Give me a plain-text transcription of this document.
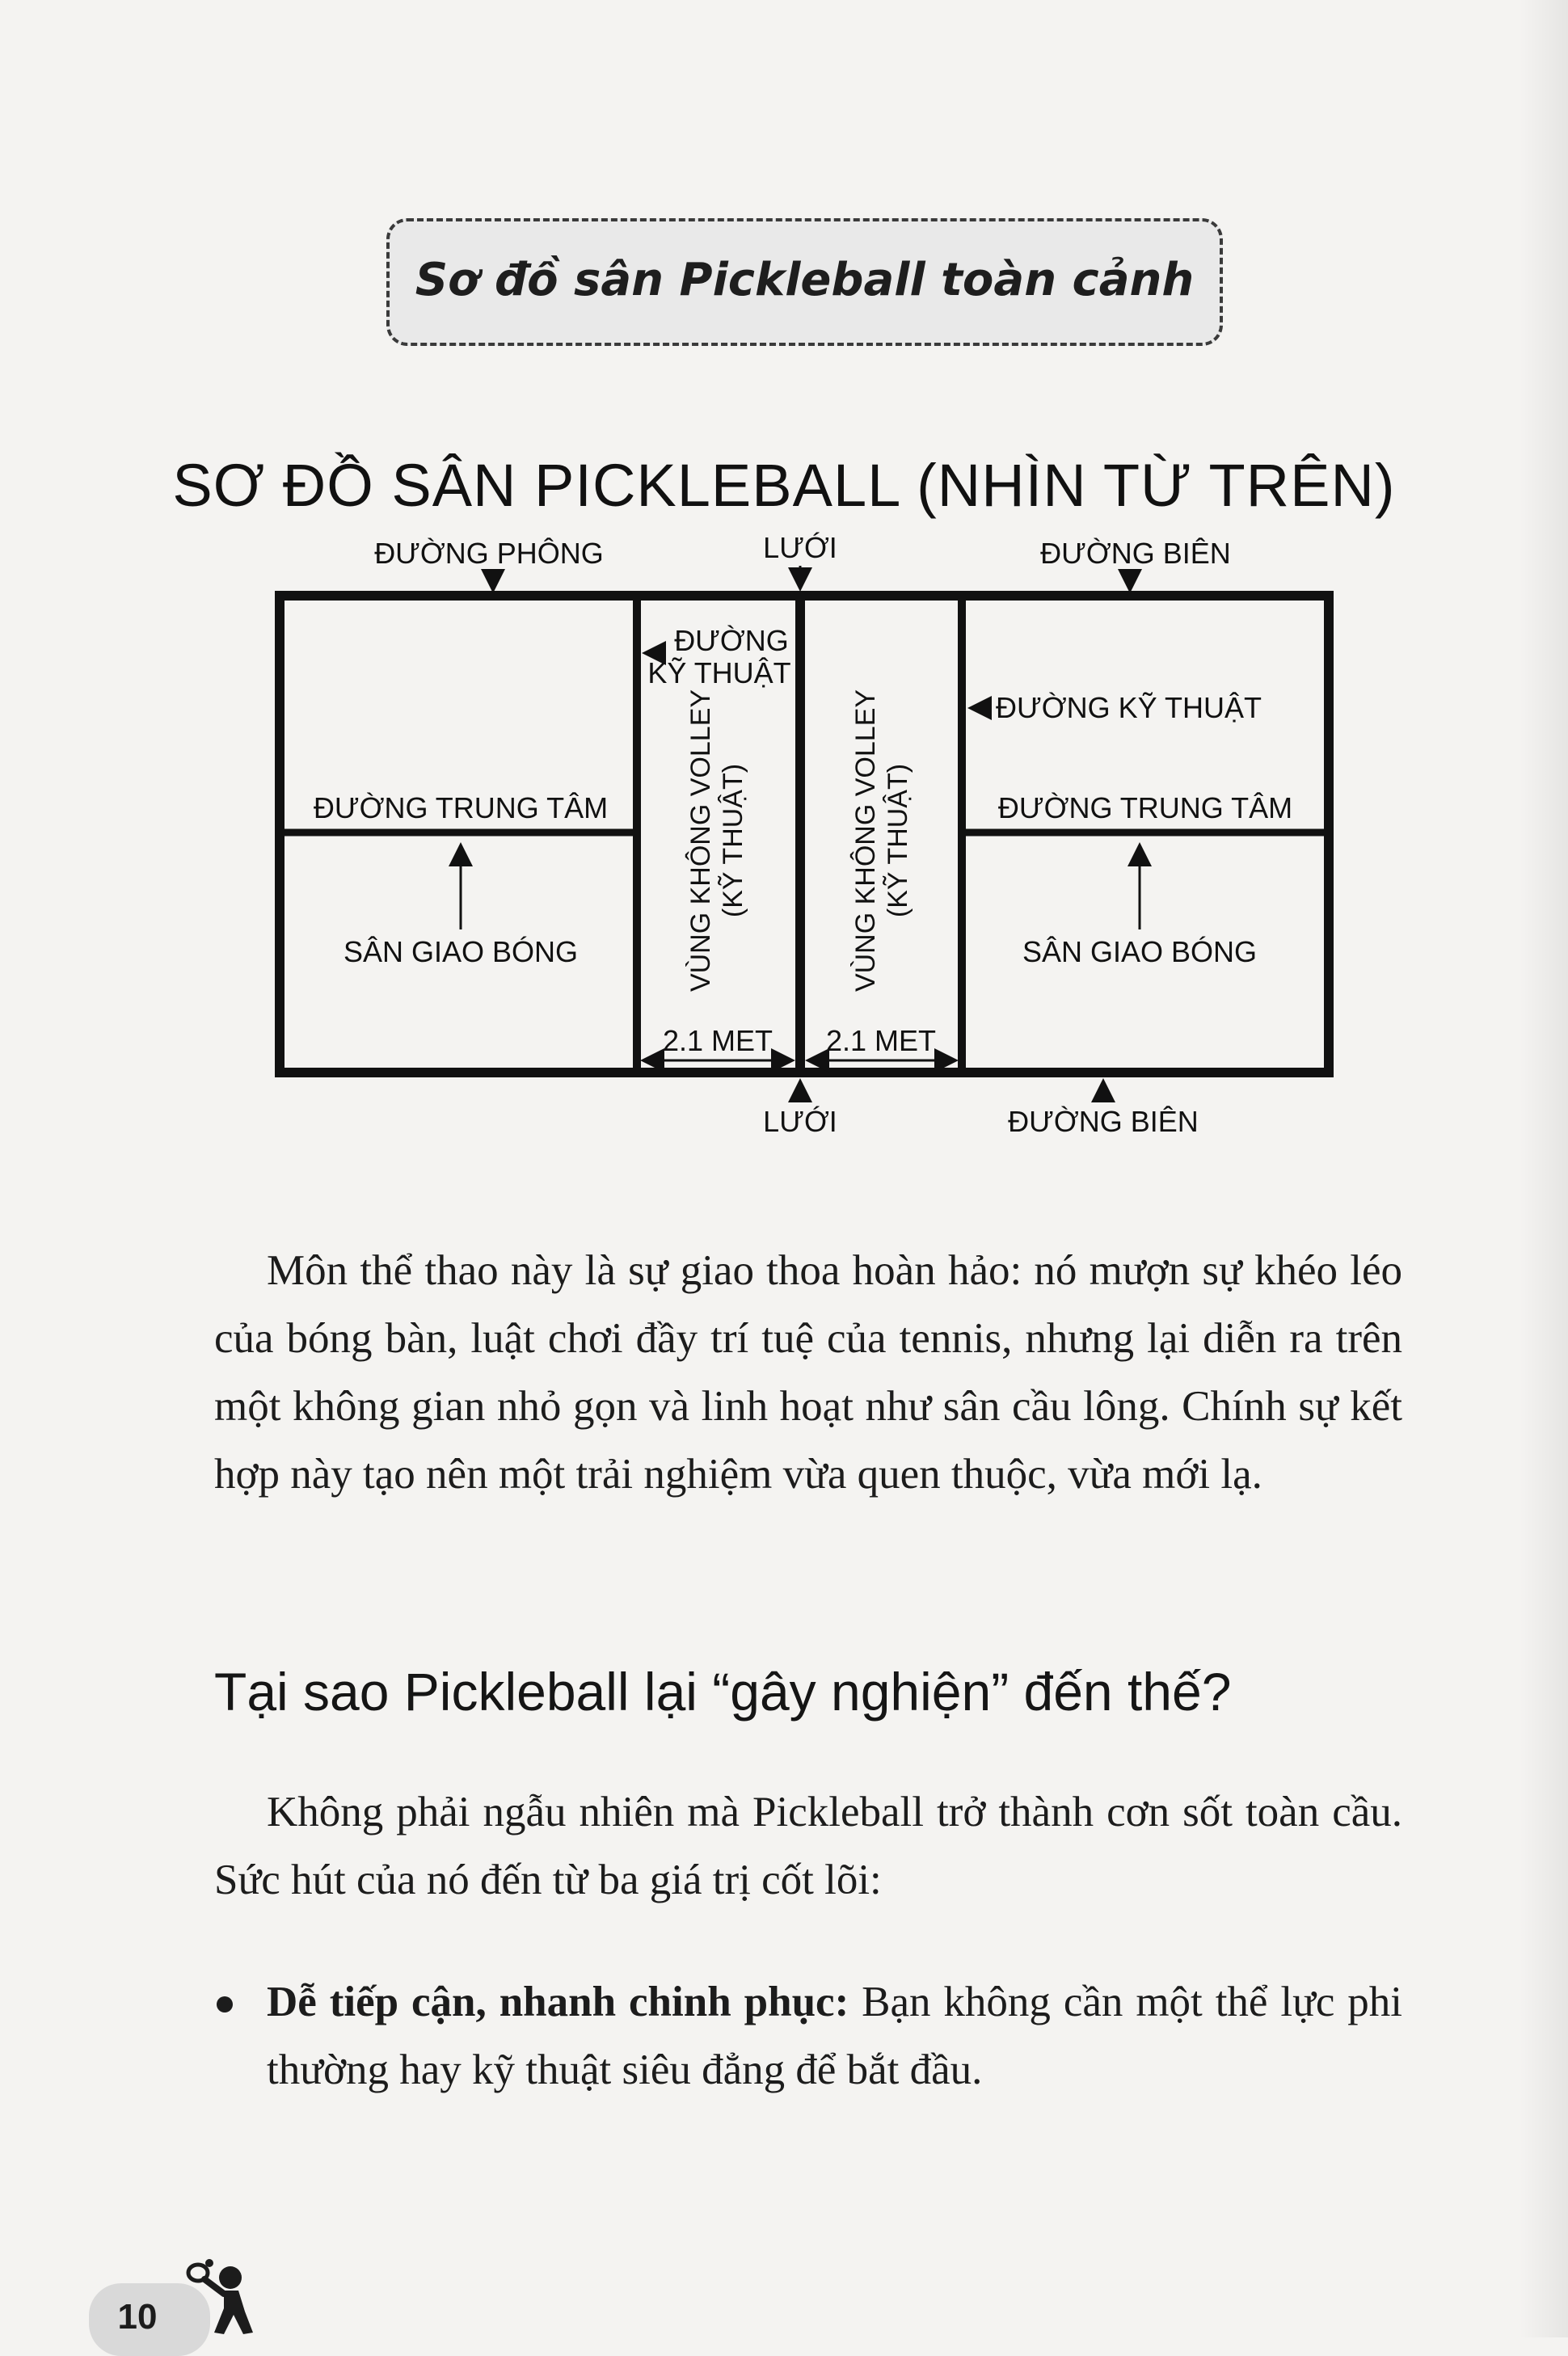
Sơ đồ sân Pickleball toàn cảnh
SƠ ĐỒ SÂN PICKLEBALL (NHÌN TỪ TRÊN)
ĐƯỜNG PHÔNG	LƯỚI	ĐƯỜNG BIÊN
ĐƯỜNG
KỸ THUẬT
ĐƯỜNG KỸ THUẬT
ĐƯỜNG TRUNG TÂM	ĐƯỜNG TRUNG TÂM
SÂN GIAO BÓNG	SÂN GIAO BÓNG
VÙNG KHÔNG VOLLEY (KỸ THUẬT)	VÙNG KHÔNG VOLLEY (KỸ THUẬT)
2.1 MET 2.1 MET
LƯỚI	ĐƯỜNG BIÊN

Môn thể thao này là sự giao thoa hoàn hảo: nó mượn sự khéo léo của bóng bàn, luật chơi đầy trí tuệ của tennis, nhưng lại diễn ra trên một không gian nhỏ gọn và linh hoạt như sân cầu lông. Chính sự kết hợp này tạo nên một trải nghiệm vừa quen thuộc, vừa mới lạ.

Tại sao Pickleball lại “gây nghiện” đến thế?

Không phải ngẫu nhiên mà Pickleball trở thành cơn sốt toàn cầu. Sức hút của nó đến từ ba giá trị cốt lõi:

Dễ tiếp cận, nhanh chinh phục: Bạn không cần một thể lực phi thường hay kỹ thuật siêu đẳng để bắt đầu.

10
